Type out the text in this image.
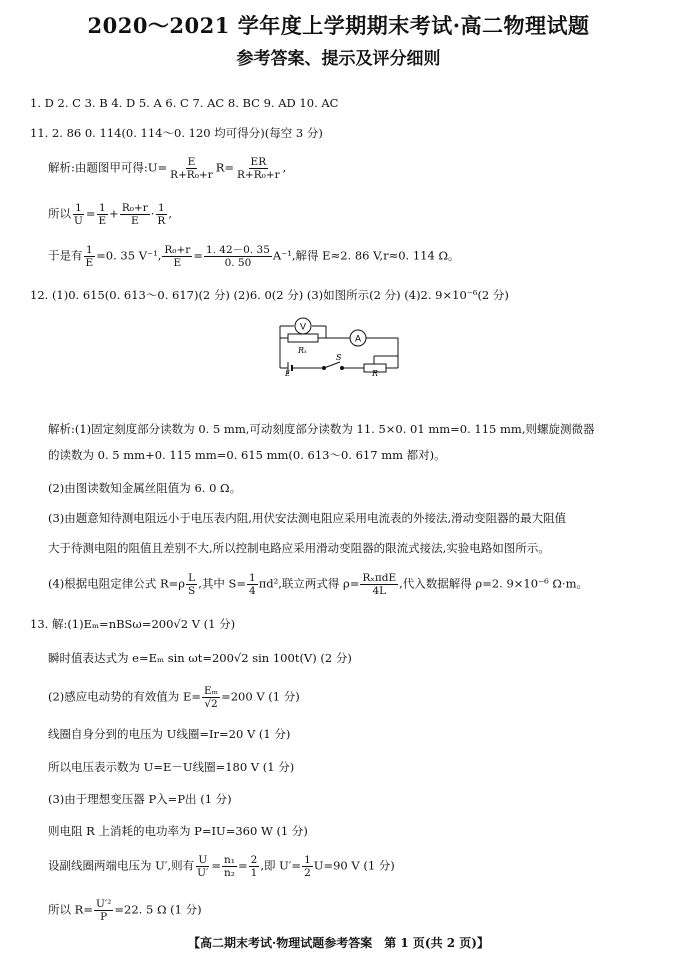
2020～2021 学年度上学期期末考试·高二物理试题
参考答案、提示及评分细则
1. D 2. C 3. B 4. D 5. A 6. C 7. AC 8. BC 9. AD 10. AC
11. 2. 86 0. 114(0. 114～0. 120 均可得分)(每空 3 分)
解析:由题图甲可得:U= $\frac{E}{\text{R+R₀+r}} R= \frac{ER}{\text{R+R₀+r}}$ ,
所以 $\frac{1}{U} = \frac{1}{E} + \frac{\text{R₀+r}}{E} \cdot \frac{1}{R}$ ,
于是有 $\frac{1}{E} =0$. 35 V⁻¹, $\frac{\text{R₀+r}}{E} = \frac{1. 42-0. 35}{0. 50} A^{-1}$,解得 E≈2. 86 V,r≈0. 114 Ω。
12. (1)0. 615(0. 613～0. 617)(2 分) (2)6. 0(2 分) (3)如图所示(2 分) (4)2. 9×10⁻⁶(2 分)
V
A
Rₓ
E
S
R
解析:(1)固定刻度部分读数为 0. 5 mm,可动刻度部分读数为 11. 5×0. 01 mm=0. 115 mm,则螺旋测微器
的读数为 0. 5 mm+0. 115 mm=0. 615 mm(0. 613～0. 617 mm 都对)。
(2)由图读数知金属丝阻值为 6. 0 Ω。
(3)由题意知待测电阻远小于电压表内阻,用伏安法测电阻应采用电流表的外接法,滑动变阻器的最大阻值
大于待测电阻的阻值且差别不大,所以控制电路应采用滑动变阻器的限流式接法,实验电路如图所示。
(4)根据电阻定律公式 $R=\rho \frac{L}{S}$ ,其中 $S= \frac{1}{4} \pi d^2$,联立两式得 $\rho= \frac{\text{RₓπdE}}{4L}$ ,代入数据解得 ρ=2. 9×10⁻⁶ Ω·m。
13. 解:(1)Eₘ=nBSω=200√2 V (1 分)
瞬时值表达式为 e=Eₘ sin ωt=200√2 sin 100t(V) (2 分)
(2)感应电动势的有效值为 $E= \frac{\text{Eₘ}}{√2} =200$ V (1 分)
线圈自身分到的电压为 U线圈=Ir=20 V (1 分)
所以电压表示数为 U=E－U线圈=180 V (1 分)
(3)由于理想变压器 P入=P出 (1 分)
则电阻 R 上消耗的电功率为 P=IU=360 W (1 分)
设副线圈两端电压为 U′,则有 $\frac{U}{U'} = \frac{\text{n₁}}{\text{n₂}} = \frac{2}{1}$ ,即 $U'= \frac{1}{2} U=90$ V (1 分)
所以 $R= \frac{\text{U′²}}{P} =22$. 5 Ω (1 分)
【高二期末考试·物理试题参考答案　第 1 页(共 2 页)】
